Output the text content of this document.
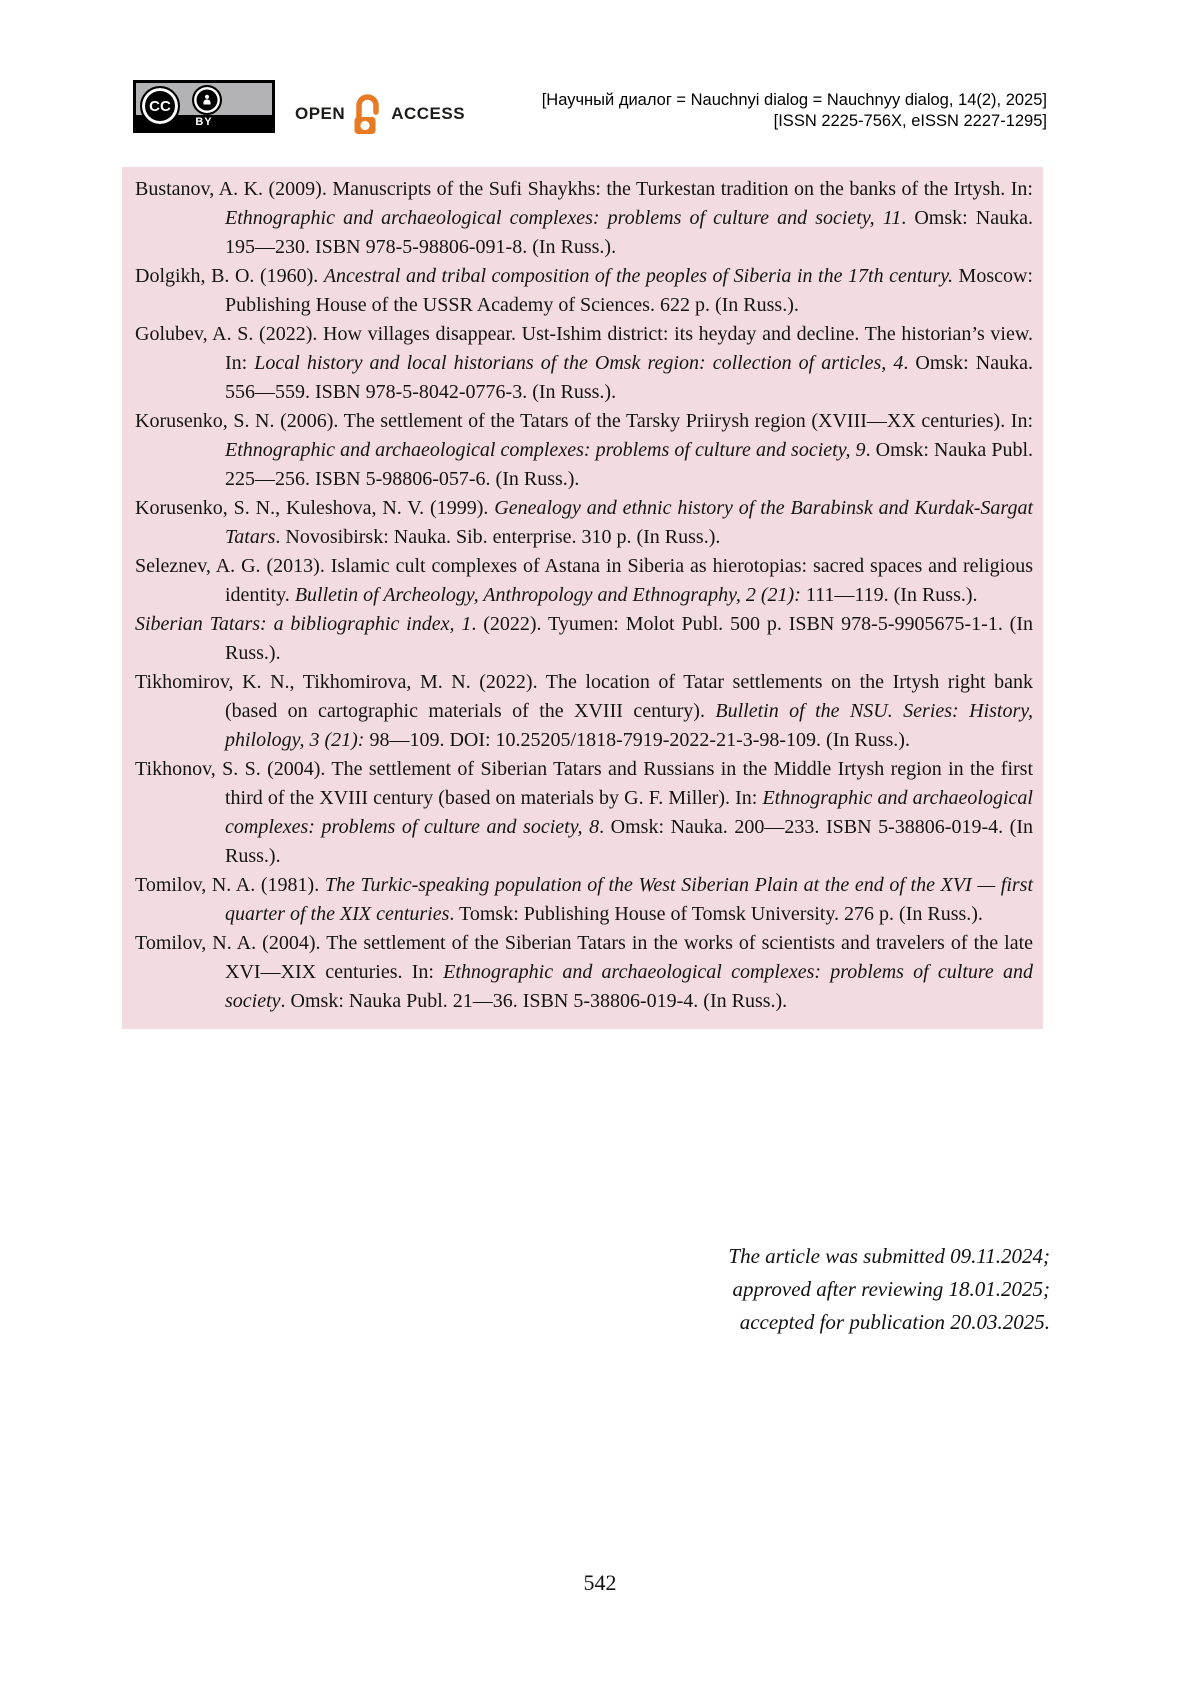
CC
BY	OPEN	ACCESS
[Научный диалог = Nauchnyi dialog = Nauchnyy dialog, 14(2), 2025]
[ISSN 2225-756X, eISSN 2227-1295]
Bustanov, A. K. (2009). Manuscripts of the Sufi Shaykhs: the Turkestan tradition on the banks of the Irtysh. In: Ethnographic and archaeological complexes: problems of culture and society, 11. Omsk: Nauka. 195—230. ISBN 978-5-98806-091-8. (In Russ.).
Dolgikh, B. O. (1960). Ancestral and tribal composition of the peoples of Siberia in the 17th century. Moscow: Publishing House of the USSR Academy of Sciences. 622 p. (In Russ.).
Golubev, A. S. (2022). How villages disappear. Ust-Ishim district: its heyday and decline. The historian’s view. In: Local history and local historians of the Omsk region: collection of articles, 4. Omsk: Nauka. 556—559. ISBN 978-5-8042-0776-3. (In Russ.).
Korusenko, S. N. (2006). The settlement of the Tatars of the Tarsky Priirysh region (XVIII—XX centuries). In: Ethnographic and archaeological complexes: problems of culture and society, 9. Omsk: Nauka Publ. 225—256. ISBN 5-98806-057-6. (In Russ.).
Korusenko, S. N., Kuleshova, N. V. (1999). Genealogy and ethnic history of the Barabinsk and Kurdak-Sargat Tatars. Novosibirsk: Nauka. Sib. enterprise. 310 p. (In Russ.).
Seleznev, A. G. (2013). Islamic cult complexes of Astana in Siberia as hierotopias: sacred spaces and religious identity. Bulletin of Archeology, Anthropology and Ethnography, 2 (21): 111—119. (In Russ.).
Siberian Tatars: a bibliographic index, 1. (2022). Tyumen: Molot Publ. 500 p. ISBN 978-5-9905675-1-1. (In Russ.).
Tikhomirov, K. N., Tikhomirova, M. N. (2022). The location of Tatar settlements on the Irtysh right bank (based on cartographic materials of the XVIII century). Bulletin of the NSU. Series: History, philology, 3 (21): 98—109. DOI: 10.25205/1818-7919-2022-21-3-98-109. (In Russ.).
Tikhonov, S. S. (2004). The settlement of Siberian Tatars and Russians in the Middle Irtysh region in the first third of the XVIII century (based on materials by G. F. Miller). In: Ethnographic and archaeological complexes: problems of culture and society, 8. Omsk: Nauka. 200—233. ISBN 5-38806-019-4. (In Russ.).
Tomilov, N. A. (1981). The Turkic-speaking population of the West Siberian Plain at the end of the XVI — first quarter of the XIX centuries. Tomsk: Publishing House of Tomsk University. 276 p. (In Russ.).
Tomilov, N. A. (2004). The settlement of the Siberian Tatars in the works of scientists and travelers of the late XVI—XIX centuries. In: Ethnographic and archaeological complexes: problems of culture and society. Omsk: Nauka Publ. 21—36. ISBN 5-38806-019-4. (In Russ.).
The article was submitted 09.11.2024;
approved after reviewing 18.01.2025;
accepted for publication 20.03.2025.
542
